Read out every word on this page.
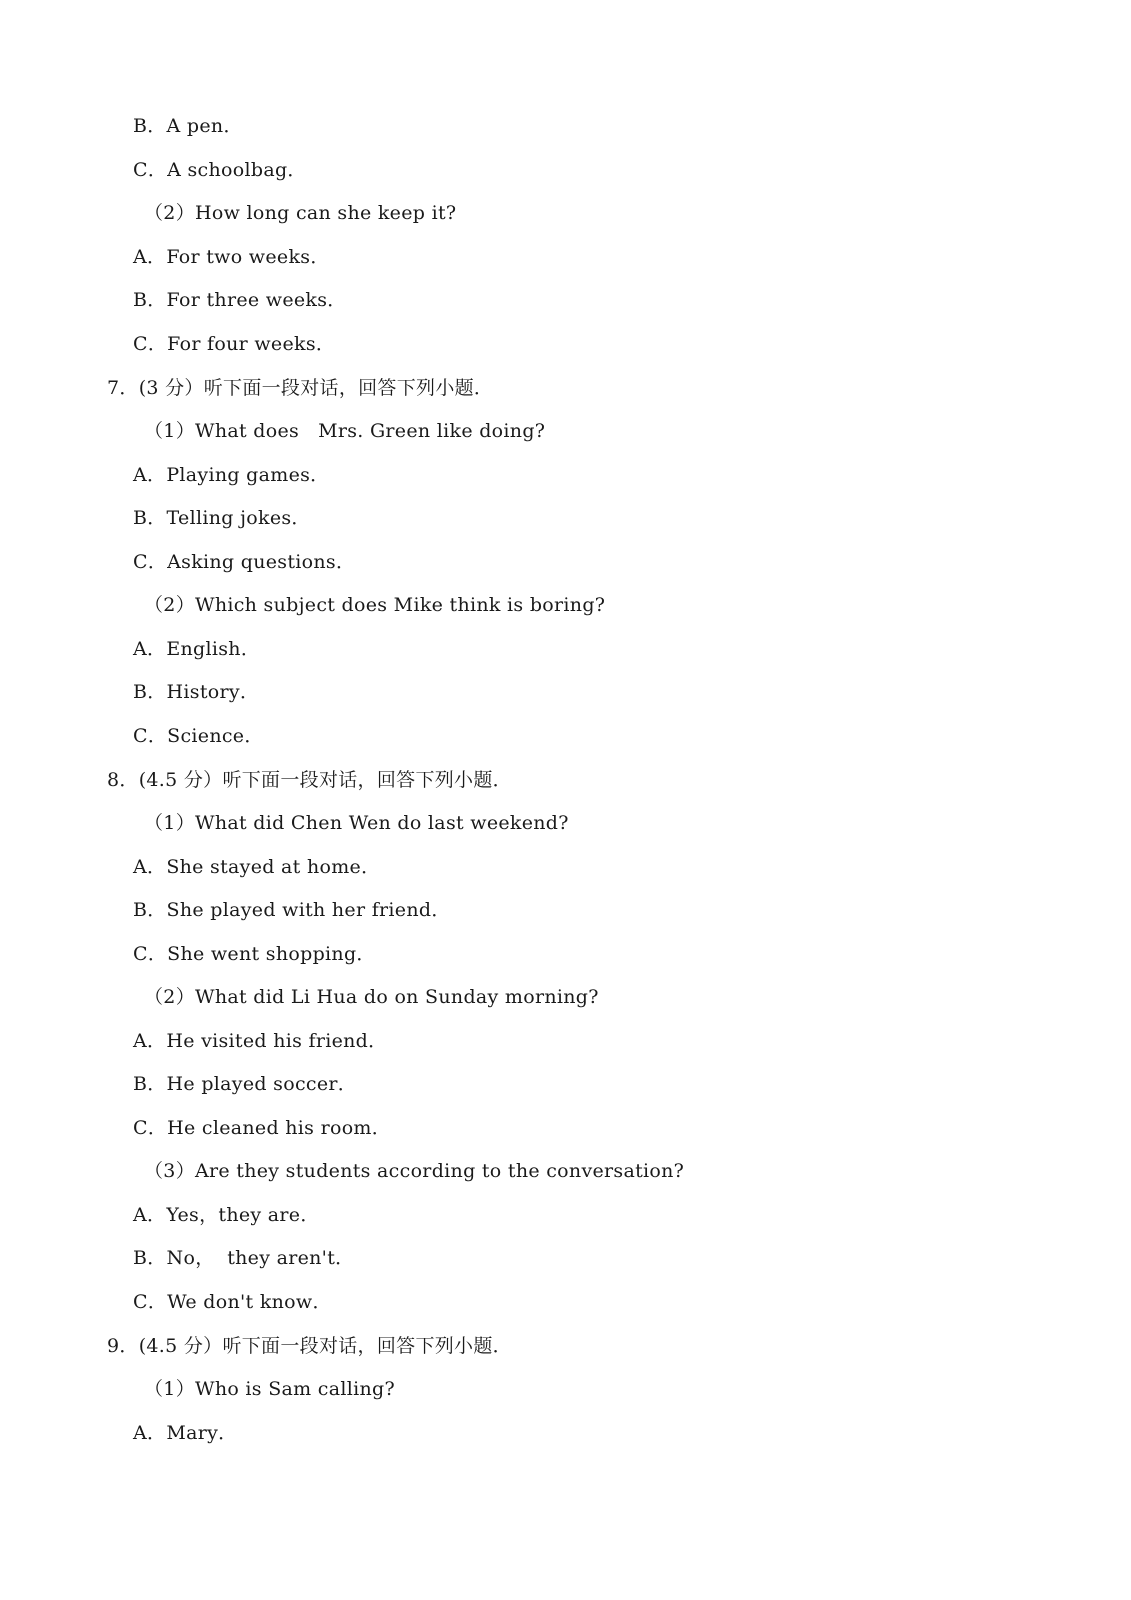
B．A pen．
C．A schoolbag．
（2）How long can she keep it?
A．For two weeks．
B．For three weeks．
C．For four weeks．
7．(3 分）听下面一段对话，回答下列小题．
（1）What does   Mrs. Green like doing?
A．Playing games．
B．Telling jokes．
C．Asking questions．
（2）Which subject does Mike think is boring?
A．English．
B．History．
C．Science．
8．(4.5 分）听下面一段对话，回答下列小题．
（1）What did Chen Wen do last weekend?
A．She stayed at home．
B．She played with her friend．
C．She went shopping．
（2）What did Li Hua do on Sunday morning?
A．He visited his friend．
B．He played soccer．
C．He cleaned his room．
（3）Are they students according to the conversation?
A．Yes，they are．
B．No，  they aren't．
C．We don't know．
9．(4.5 分）听下面一段对话，回答下列小题．
（1）Who is Sam calling?
A．Mary．
